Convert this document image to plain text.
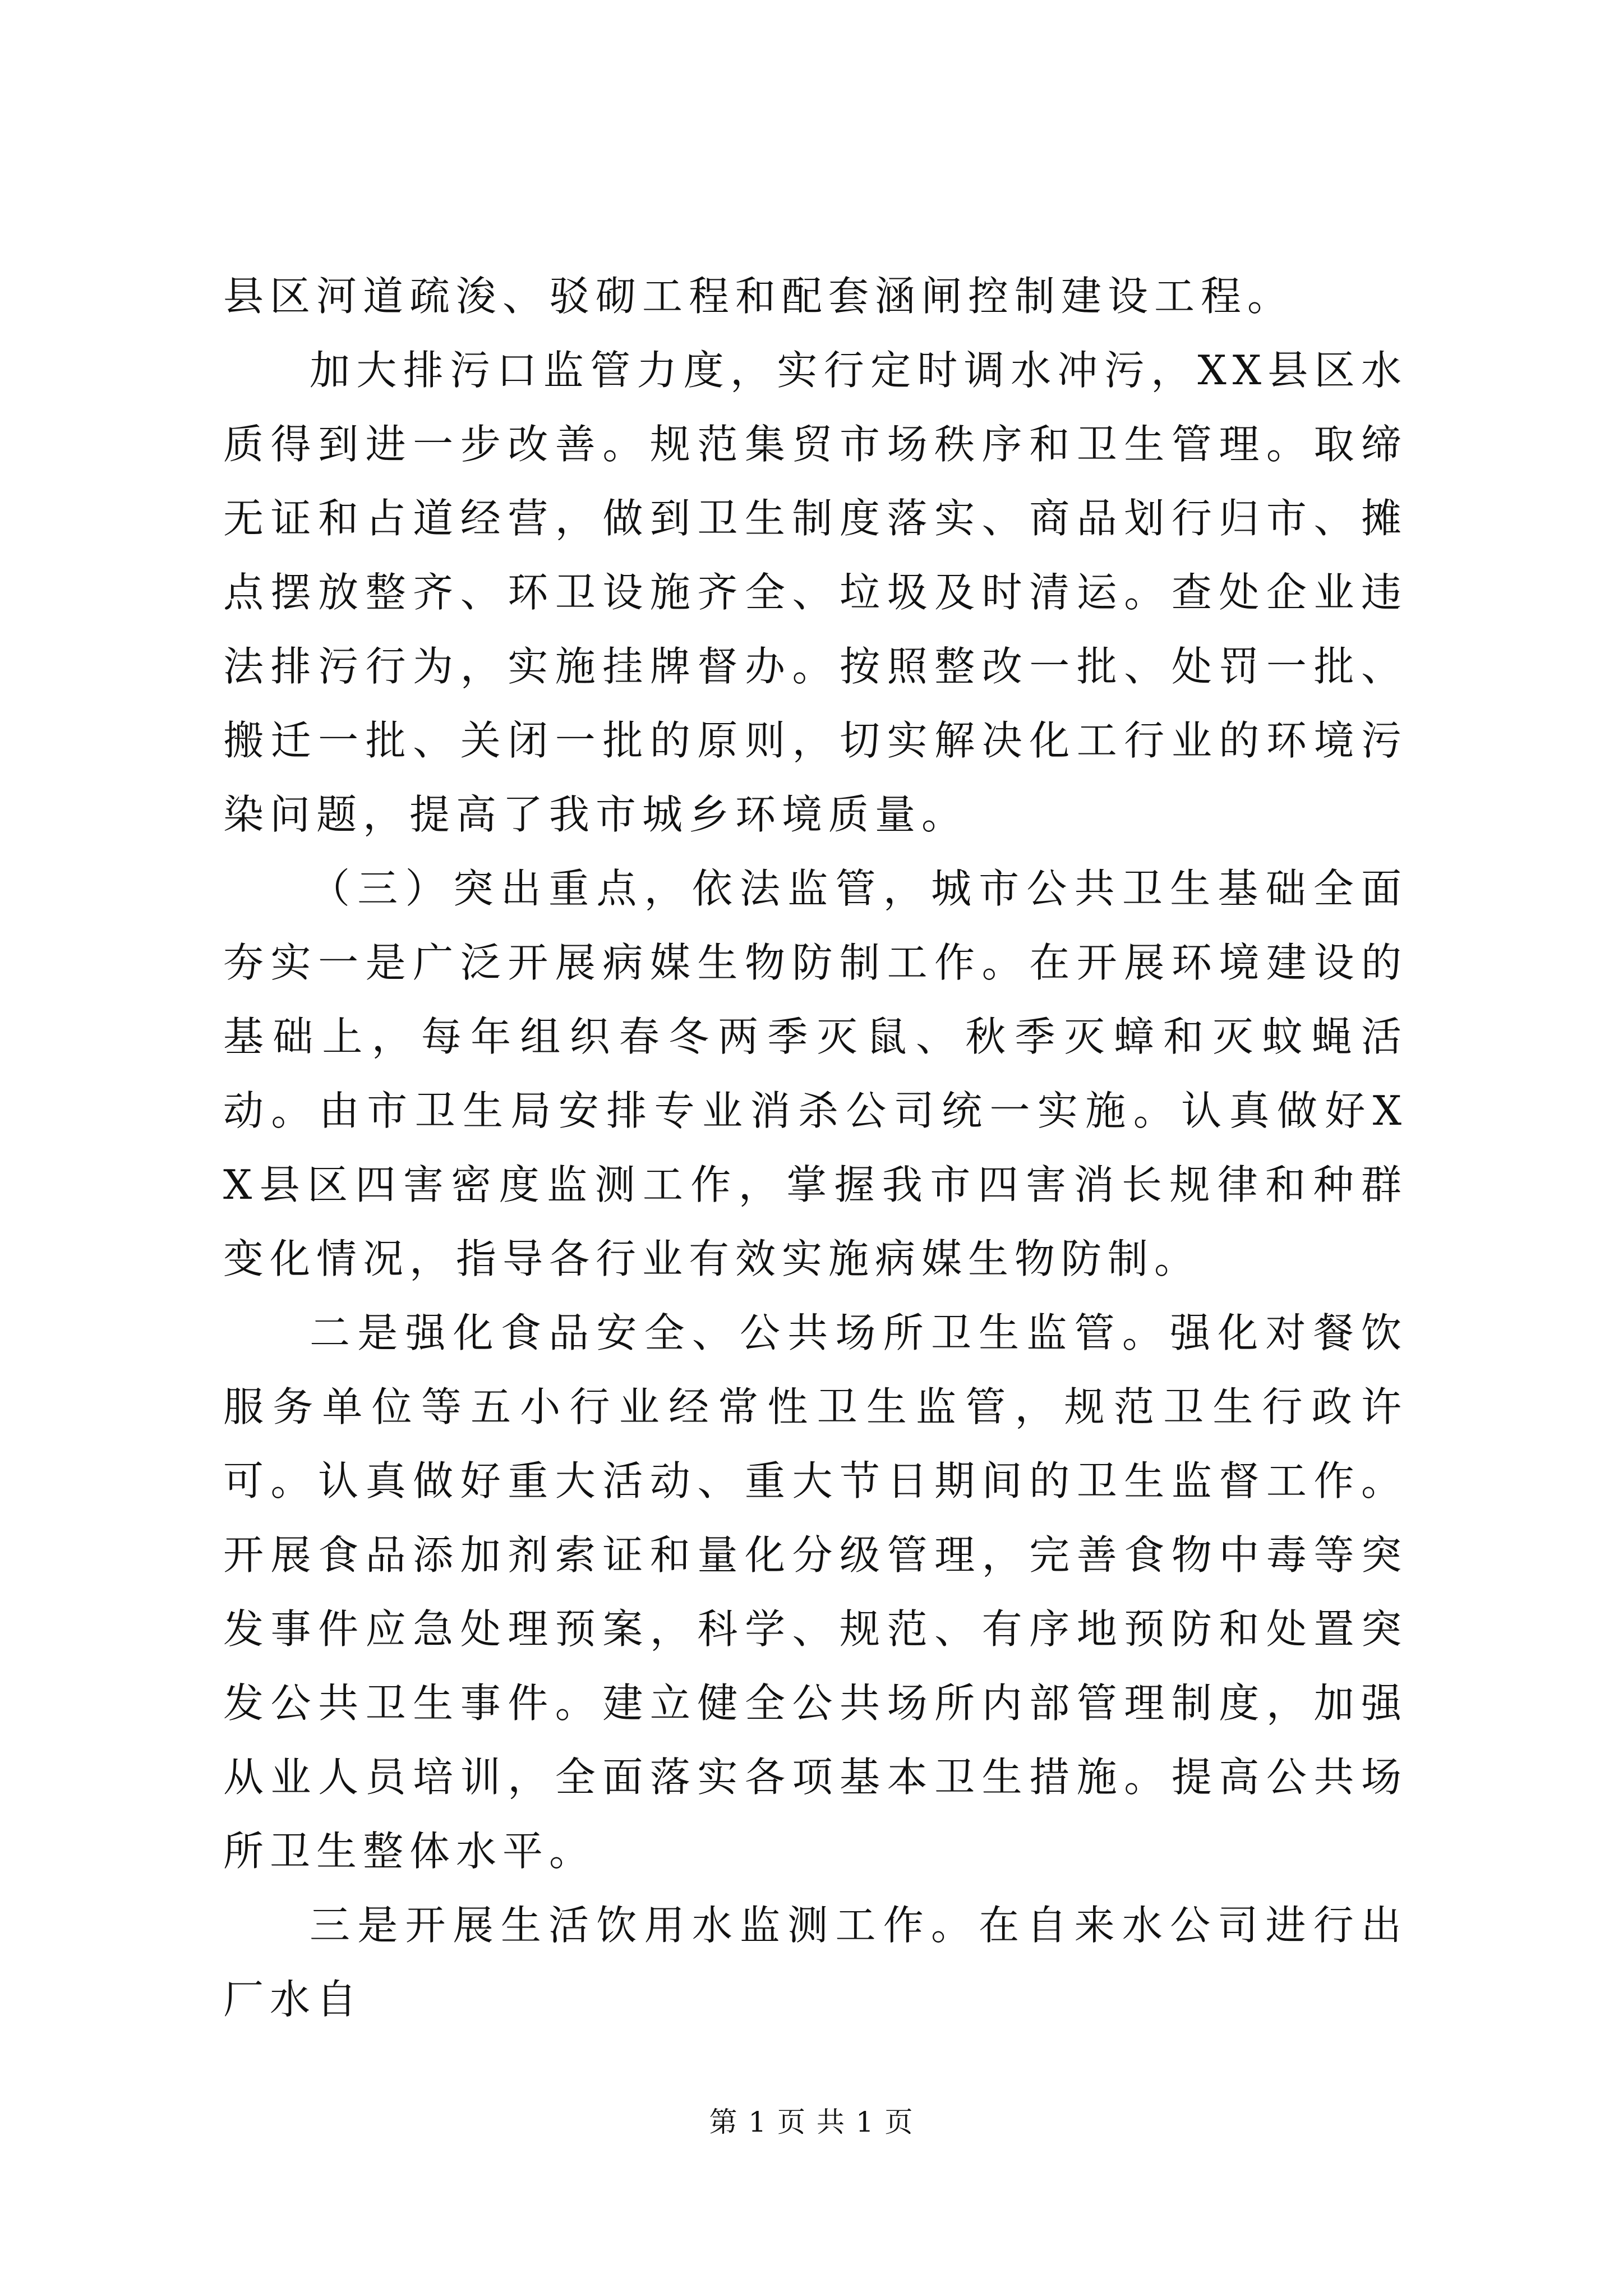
县区河道疏浚、驳砌工程和配套涵闸控制建设工程。

加大排污口监管力度，实行定时调水冲污，XX县区水质得到进一步改善。规范集贸市场秩序和卫生管理。取缔无证和占道经营，做到卫生制度落实、商品划行归市、摊点摆放整齐、环卫设施齐全、垃圾及时清运。查处企业违法排污行为，实施挂牌督办。按照整改一批、处罚一批、搬迁一批、关闭一批的原则，切实解决化工行业的环境污染问题，提高了我市城乡环境质量。

（三）突出重点，依法监管，城市公共卫生基础全面夯实一是广泛开展病媒生物防制工作。在开展环境建设的基础上，每年组织春冬两季灭鼠、秋季灭蟑和灭蚊蝇活动。由市卫生局安排专业消杀公司统一实施。认真做好XX县区四害密度监测工作，掌握我市四害消长规律和种群变化情况，指导各行业有效实施病媒生物防制。

二是强化食品安全、公共场所卫生监管。强化对餐饮服务单位等五小行业经常性卫生监管，规范卫生行政许可。认真做好重大活动、重大节日期间的卫生监督工作。开展食品添加剂索证和量化分级管理，完善食物中毒等突发事件应急处理预案，科学、规范、有序地预防和处置突发公共卫生事件。建立健全公共场所内部管理制度，加强从业人员培训，全面落实各项基本卫生措施。提高公共场所卫生整体水平。

三是开展生活饮用水监测工作。在自来水公司进行出厂水自

第 1 页 共 1 页
